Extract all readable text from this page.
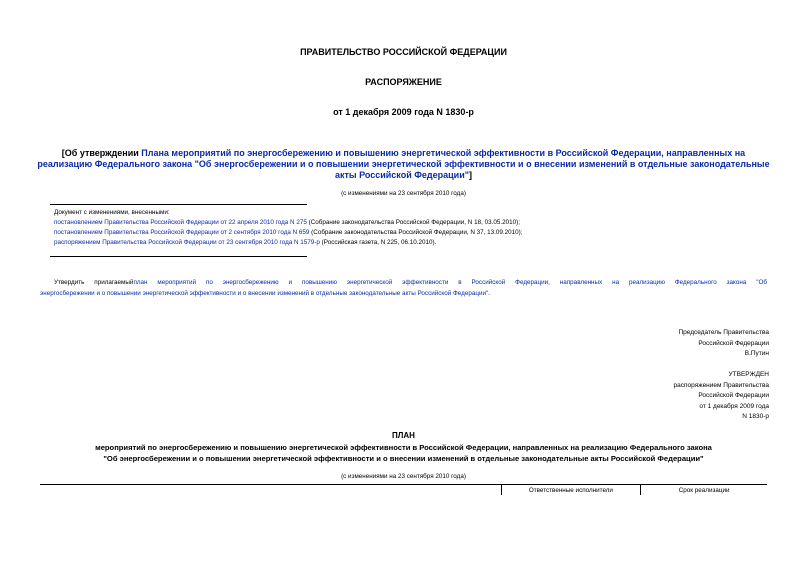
ПРАВИТЕЛЬСТВО РОССИЙСКОЙ ФЕДЕРАЦИИ
РАСПОРЯЖЕНИЕ
от 1 декабря 2009 года N 1830-р
[Об утверждении Плана мероприятий по энергосбережению и повышению энергетической эффективности в Российской Федерации, направленных на
реализацию Федерального закона "Об энергосбережении и о повышении энергетической эффективности и о внесении изменений в отдельные законодательные
акты Российской Федерации"]
(с изменениями на 23 сентября 2010 года)
Документ с изменениями, внесенными:
постановлением Правительства Российской Федерации от 22 апреля 2010 года N 275 (Собрание законодательства Российской Федерации, N 18, 03.05.2010);
постановлением Правительства Российской Федерации от 2 сентября 2010 года N 659 (Собрание законодательства Российской Федерации, N 37, 13.09.2010);
распоряжением Правительства Российской Федерации от 23 сентября 2010 года N 1579-р (Российская газета, N 225, 06.10.2010).
Утвердить прилагаемыйплан мероприятий по энергосбережению и повышению энергетической эффективности в Российской Федерации, направленных на реализацию Федерального закона "Об
энергосбережении и о повышении энергетической эффективности и о внесении изменений в отдельные законодательные акты Российской Федерации".
Председатель Правительства
Российской Федерации
В.Путин
УТВЕРЖДЕН
распоряжением Правительства
Российской Федерации
от 1 декабря 2009 года
N 1830-р
ПЛАН
мероприятий по энергосбережению и повышению энергетической эффективности в Российской Федерации, направленных на реализацию Федерального закона
"Об энергосбережении и о повышении энергетической эффективности и о внесении изменений в отдельные законодательные акты Российской Федерации"
(с изменениями на 23 сентября 2010 года)
	Ответственные исполнители	Срок реализации
